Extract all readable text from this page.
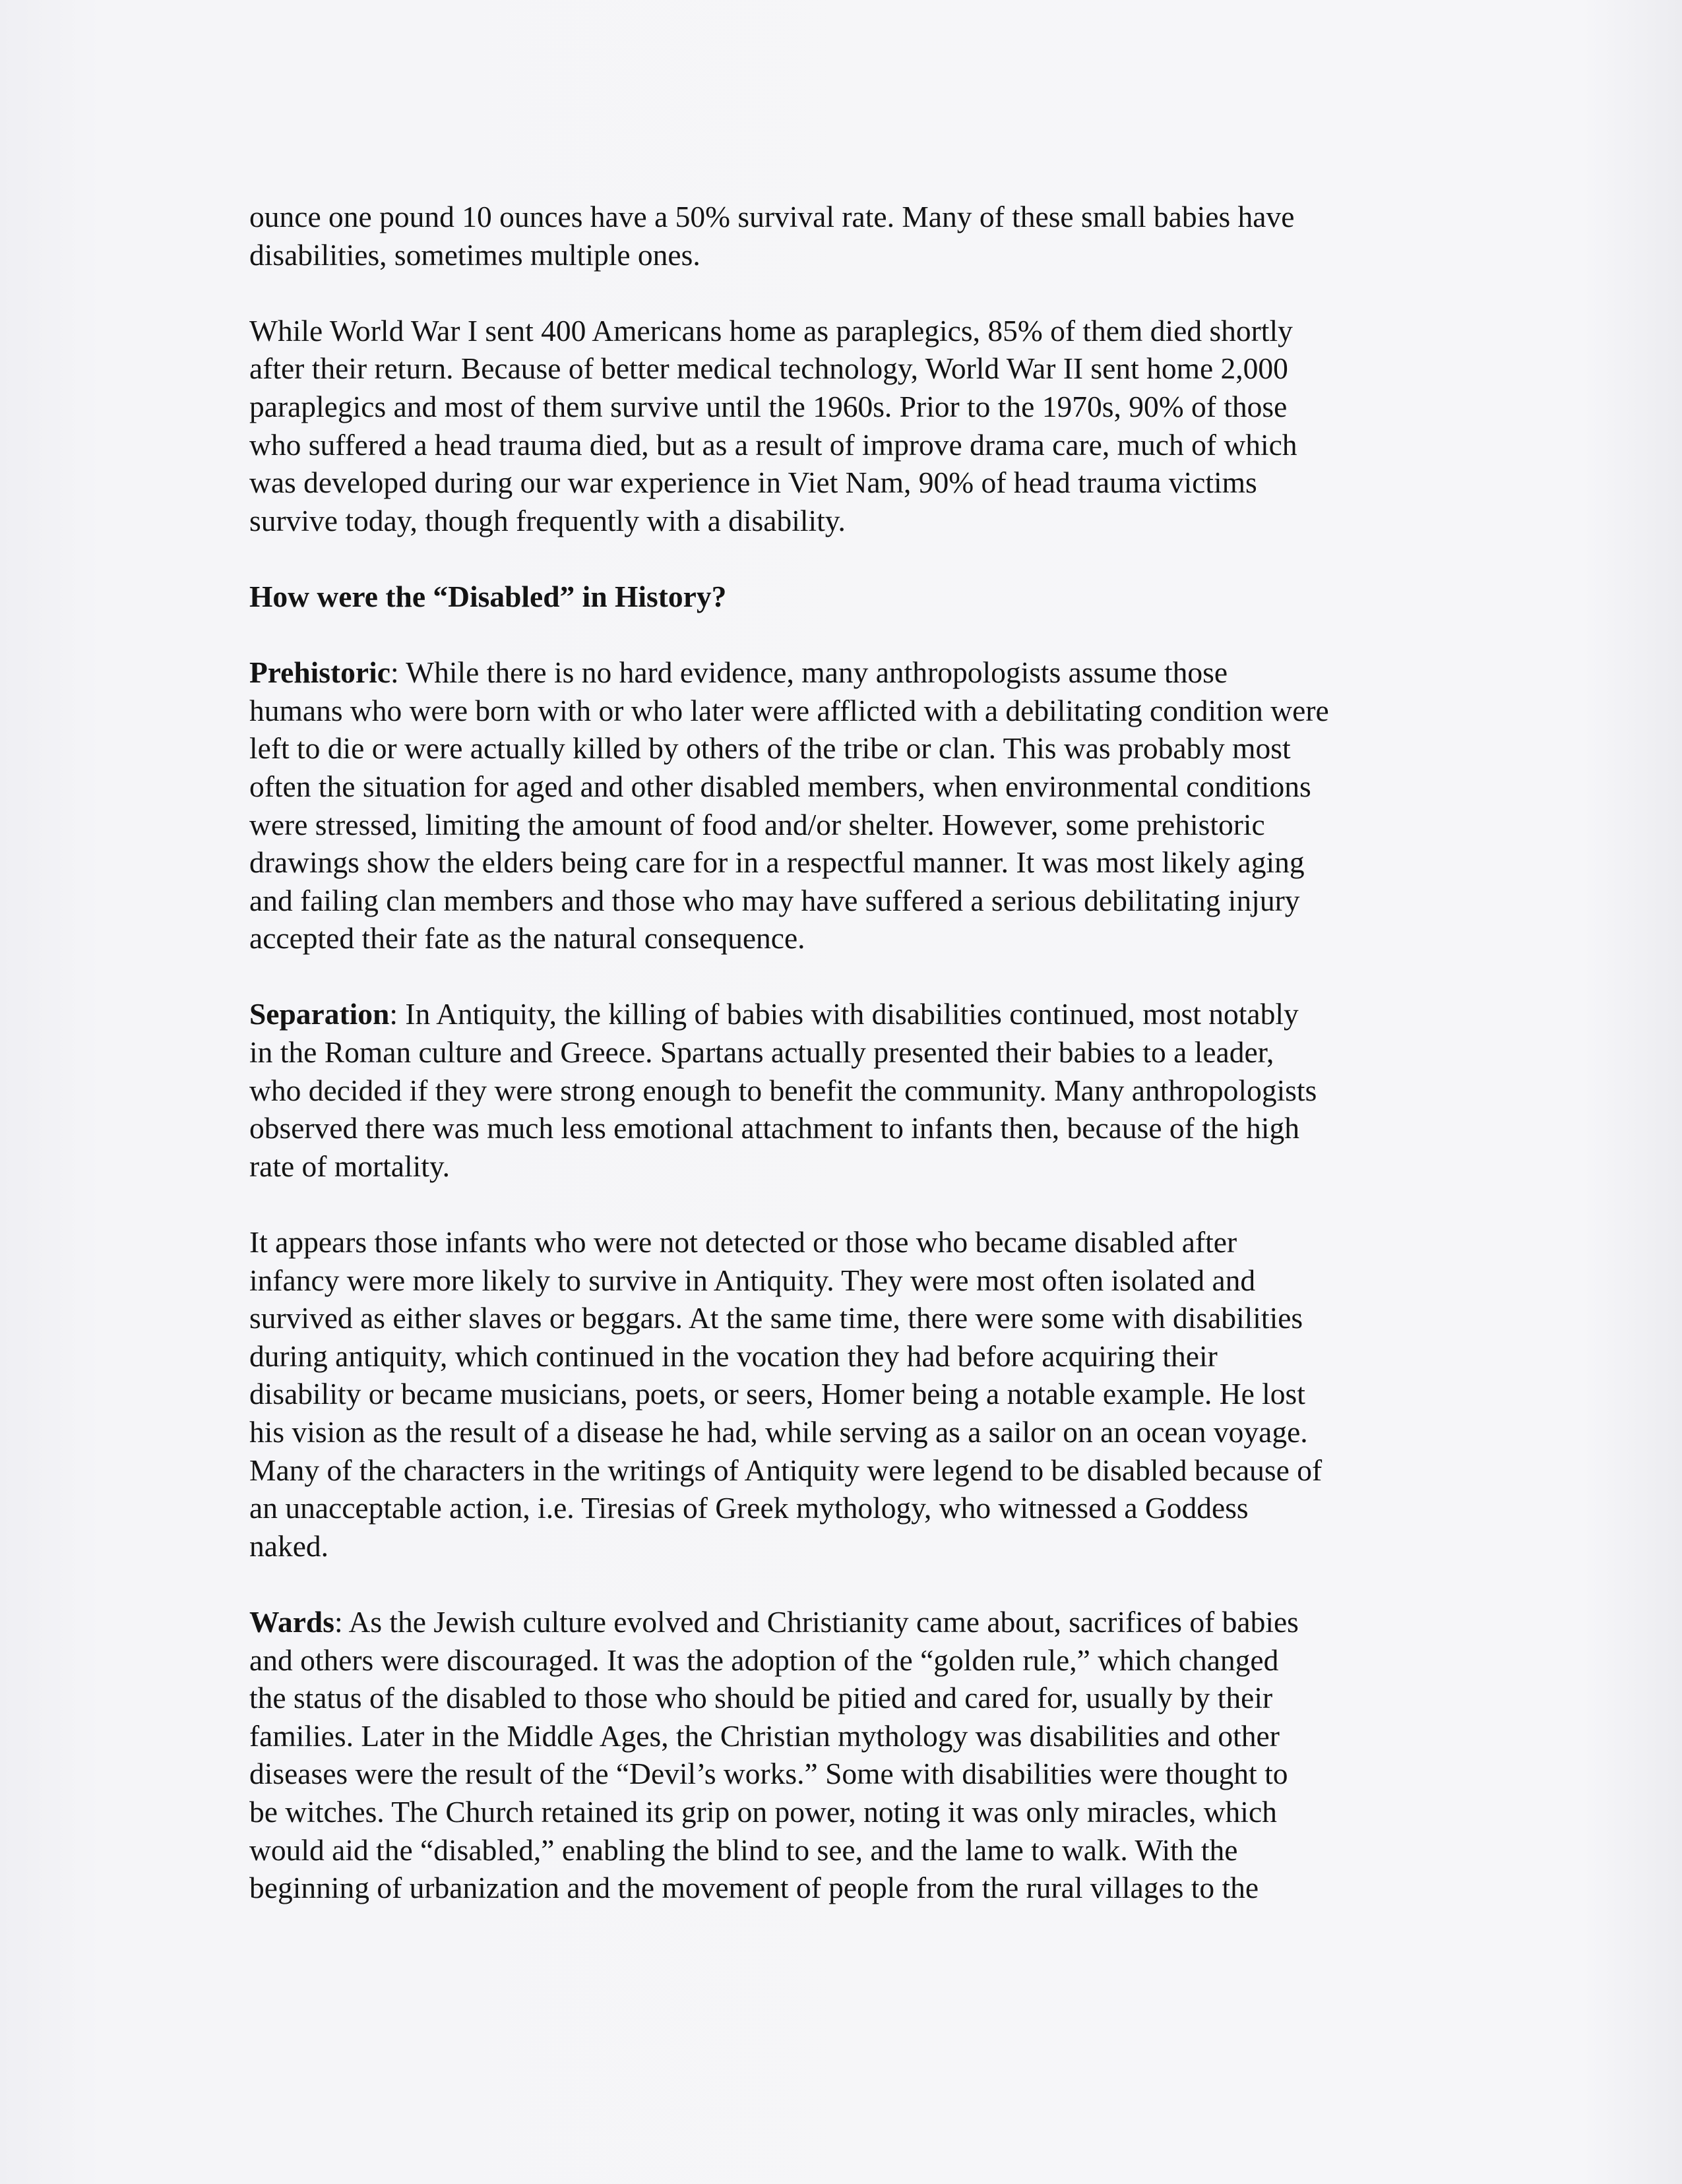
ounce one pound 10 ounces have a 50% survival rate. Many of these small babies have
disabilities, sometimes multiple ones.
While World War I sent 400 Americans home as paraplegics, 85% of them died shortly
after their return. Because of better medical technology, World War II sent home 2,000
paraplegics and most of them survive until the 1960s. Prior to the 1970s, 90% of those
who suffered a head trauma died, but as a result of improve drama care, much of which
was developed during our war experience in Viet Nam, 90% of head trauma victims
survive today, though frequently with a disability.
How were the “Disabled” in History?
Prehistoric: While there is no hard evidence, many anthropologists assume those
humans who were born with or who later were afflicted with a debilitating condition were
left to die or were actually killed by others of the tribe or clan. This was probably most
often the situation for aged and other disabled members, when environmental conditions
were stressed, limiting the amount of food and/or shelter. However, some prehistoric
drawings show the elders being care for in a respectful manner. It was most likely aging
and failing clan members and those who may have suffered a serious debilitating injury
accepted their fate as the natural consequence.
Separation: In Antiquity, the killing of babies with disabilities continued, most notably
in the Roman culture and Greece. Spartans actually presented their babies to a leader,
who decided if they were strong enough to benefit the community. Many anthropologists
observed there was much less emotional attachment to infants then, because of the high
rate of mortality.
It appears those infants who were not detected or those who became disabled after
infancy were more likely to survive in Antiquity. They were most often isolated and
survived as either slaves or beggars. At the same time, there were some with disabilities
during antiquity, which continued in the vocation they had before acquiring their
disability or became musicians, poets, or seers, Homer being a notable example. He lost
his vision as the result of a disease he had, while serving as a sailor on an ocean voyage.
Many of the characters in the writings of Antiquity were legend to be disabled because of
an unacceptable action, i.e. Tiresias of Greek mythology, who witnessed a Goddess
naked.
Wards: As the Jewish culture evolved and Christianity came about, sacrifices of babies
and others were discouraged. It was the adoption of the “golden rule,” which changed
the status of the disabled to those who should be pitied and cared for, usually by their
families. Later in the Middle Ages, the Christian mythology was disabilities and other
diseases were the result of the “Devil’s works.” Some with disabilities were thought to
be witches. The Church retained its grip on power, noting it was only miracles, which
would aid the “disabled,” enabling the blind to see, and the lame to walk. With the
beginning of urbanization and the movement of people from the rural villages to the
